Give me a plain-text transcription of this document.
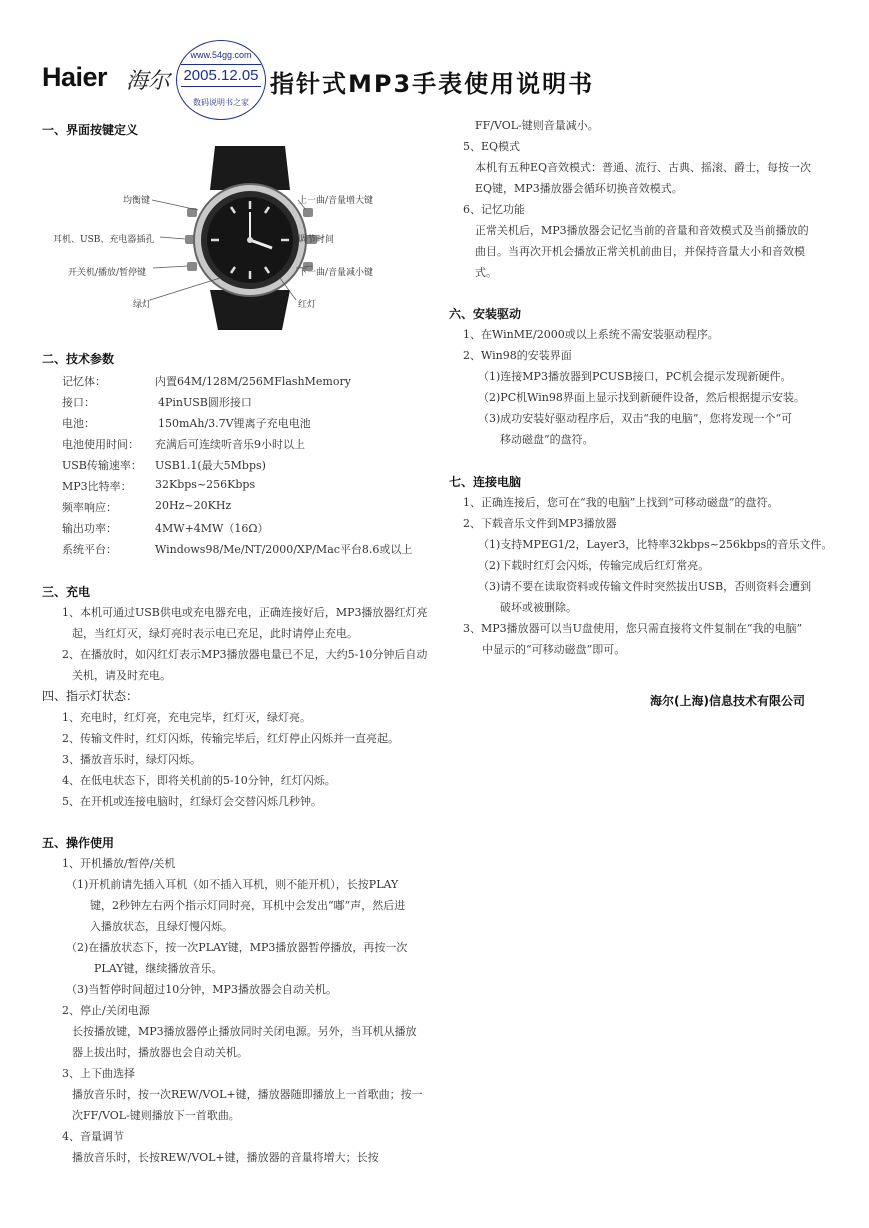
Haier 海尔
www.54gg.com
2005.12.05
数码说明书之家
指针式MP3手表使用说明书
一、界面按键定义
均衡键
耳机、USB、充电器插孔
开关机/播放/暂停键
绿灯
上一曲/音量增大键
调节时间
下一曲/音量减小键
红灯
二、技术参数
记忆体：	内置64M/128M/256MFlashMemory
接口：	4PinUSB圆形接口
电池：	150mAh/3.7V锂离子充电电池
电池使用时间： 充满后可连续听音乐9小时以上
USB传输速率： USB1.1(最大5Mbps)
MP3比特率： 32Kbps~256Kbps
频率响应：	20Hz~20KHz
输出功率：	4MW+4MW（16Ω）
系统平台：	Windows98/Me/NT/2000/XP/Mac平台8.6或以上
三、充电
1、本机可通过USB供电或充电器充电，正确连接好后，MP3播放器红灯亮
起，当红灯灭，绿灯亮时表示电已充足，此时请停止充电。
2、在播放时，如闪红灯表示MP3播放器电量已不足，大约5-10分钟后自动
关机，请及时充电。
四、指示灯状态：
1、充电时，红灯亮，充电完毕，红灯灭，绿灯亮。
2、传输文件时，红灯闪烁，传输完毕后，红灯停止闪烁并一直亮起。
3、播放音乐时，绿灯闪烁。
4、在低电状态下，即将关机前的5-10分钟，红灯闪烁。
5、在开机或连接电脑时，红绿灯会交替闪烁几秒钟。
五、操作使用
1、开机播放/暂停/关机
（1)开机前请先插入耳机（如不插入耳机，则不能开机），长按PLAY
键，2秒钟左右两个指示灯同时亮，耳机中会发出“嘟”声，然后进
入播放状态，且绿灯慢闪烁。
（2)在播放状态下，按一次PLAY键，MP3播放器暂停播放，再按一次
PLAY键，继续播放音乐。
（3)当暂停时间超过10分钟，MP3播放器会自动关机。
2、停止/关闭电源
长按播放键，MP3播放器停止播放同时关闭电源。另外，当耳机从播放
器上拔出时，播放器也会自动关机。
3、上下曲选择
播放音乐时，按一次REW/VOL+键，播放器随即播放上一首歌曲；按一
次FF/VOL-键则播放下一首歌曲。
4、音量调节
播放音乐时，长按REW/VOL+键，播放器的音量将增大；长按
FF/VOL-键则音量减小。
5、EQ模式
本机有五种EQ音效模式：普通、流行、古典、摇滚、爵士，每按一次
EQ键，MP3播放器会循环切换音效模式。
6、记忆功能
正常关机后，MP3播放器会记忆当前的音量和音效模式及当前播放的
曲目。当再次开机会播放正常关机前曲目，并保持音量大小和音效模
式。
六、安装驱动
1、在WinME/2000或以上系统不需安装驱动程序。
2、Win98的安装界面
（1)连接MP3播放器到PCUSB接口，PC机会提示发现新硬件。
（2)PC机Win98界面上显示找到新硬件设备，然后根据提示安装。
（3)成功安装好驱动程序后，双击“我的电脑”，您将发现一个“可
移动磁盘”的盘符。
七、连接电脑
1、正确连接后，您可在“我的电脑”上找到“可移动磁盘”的盘符。
2、下载音乐文件到MP3播放器
（1)支持MPEG1/2，Layer3，比特率32kbps~256kbps的音乐文件。
（2)下载时红灯会闪烁，传输完成后红灯常亮。
（3)请不要在读取资料或传输文件时突然拔出USB，否则资料会遭到
破坏或被删除。
3、MP3播放器可以当U盘使用，您只需直接将文件复制在“我的电脑”
中显示的“可移动磁盘”即可。
海尔(上海)信息技术有限公司
